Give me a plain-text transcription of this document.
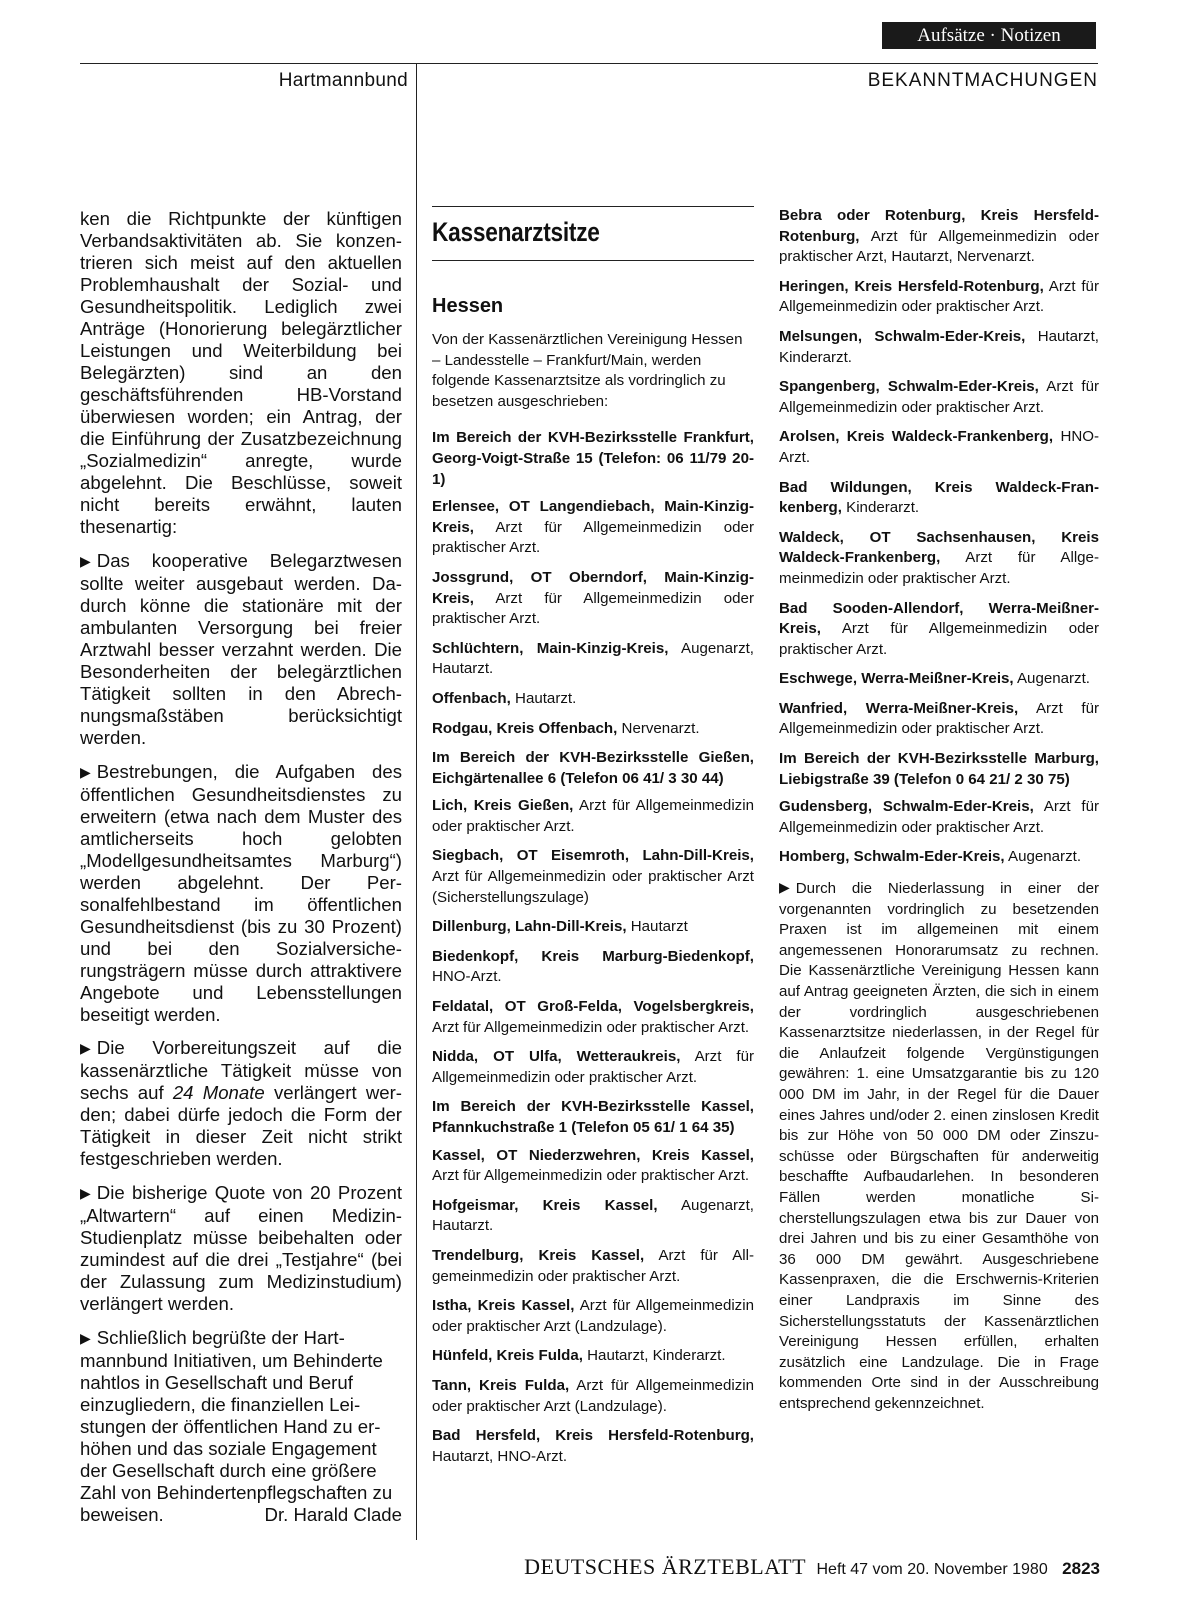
Aufsätze · Notizen
Hartmannbund	BEKANNTMACHUNGEN

ken die Richtpunkte der künftigen Verbandsaktivitäten ab. Sie konzentrieren sich meist auf den aktuellen Problemhaushalt der Sozial- und Gesundheitspolitik. Lediglich zwei Anträge (Honorierung belegärztlicher Leistungen und Weiterbildung bei Belegärzten) sind an den geschäftsführenden HB-Vorstand überwiesen worden; ein Antrag, der die Einführung der Zusatzbezeichnung „Sozialmedizin“ anregte, wurde abgelehnt. Die Beschlüsse, soweit nicht bereits erwähnt, lauten thesenartig:

▶ Das kooperative Belegarztwesen sollte weiter ausgebaut werden. Dadurch könne die stationäre mit der ambulanten Versorgung bei freier Arztwahl besser verzahnt werden. Die Besonderheiten der belegärztlichen Tätigkeit sollten in den Abrechnungsmaßstäben berücksichtigt werden.

▶ Bestrebungen, die Aufgaben des öffentlichen Gesundheitsdienstes zu erweitern (etwa nach dem Muster des amtlicherseits hoch gelobten „Modellgesundheitsamtes Marburg“) werden abgelehnt. Der Personalfehlbestand im öffentlichen Gesundheitsdienst (bis zu 30 Prozent) und bei den Sozialversicherungsträgern müsse durch attraktivere Angebote und Lebensstellungen beseitigt werden.

▶ Die Vorbereitungszeit auf die kassenärztliche Tätigkeit müsse von sechs auf 24 Monate verlängert werden; dabei dürfe jedoch die Form der Tätigkeit in dieser Zeit nicht strikt festgeschrieben werden.

▶ Die bisherige Quote von 20 Prozent „Altwartern“ auf einen Medizin-Studienplatz müsse beibehalten oder zumindest auf die drei „Testjahre“ (bei der Zulassung zum Medizinstudium) verlängert werden.

▶ Schließlich begrüßte der Hartmannbund Initiativen, um Behinderte nahtlos in Gesellschaft und Beruf einzugliedern, die finanziellen Leistungen der öffentlichen Hand zu erhöhen und das soziale Engagement der Gesellschaft durch eine größere Zahl von Behindertenpflegschaften zu beweisen.	Dr. Harald Clade

Kassenarztsitze
Hessen

Von der Kassenärztlichen Vereinigung Hessen – Landesstelle – Frankfurt/Main, werden folgende Kassenarztsitze als vordringlich zu besetzen ausgeschrieben:

Im Bereich der KVH-Bezirksstelle Frankfurt, Georg-Voigt-Straße 15 (Telefon: 06 11/79 20-1)

Erlensee, OT Langendiebach, Main-Kinzig-Kreis, Arzt für Allgemeinmedizin oder praktischer Arzt.

Jossgrund, OT Oberndorf, Main-Kinzig-Kreis, Arzt für Allgemeinmedizin oder praktischer Arzt.

Schlüchtern, Main-Kinzig-Kreis, Augenarzt, Hautarzt.

Offenbach, Hautarzt.

Rodgau, Kreis Offenbach, Nervenarzt.

Im Bereich der KVH-Bezirksstelle Gießen, Eichgärtenallee 6 (Telefon 06 41/ 3 30 44)

Lich, Kreis Gießen, Arzt für Allgemeinmedizin oder praktischer Arzt.

Siegbach, OT Eisemroth, Lahn-Dill-Kreis, Arzt für Allgemeinmedizin oder praktischer Arzt (Sicherstellungszulage)

Dillenburg, Lahn-Dill-Kreis, Hautarzt

Biedenkopf, Kreis Marburg-Biedenkopf, HNO-Arzt.

Feldatal, OT Groß-Felda, Vogelsbergkreis, Arzt für Allgemeinmedizin oder praktischer Arzt.

Nidda, OT Ulfa, Wetteraukreis, Arzt für Allgemeinmedizin oder praktischer Arzt.

Im Bereich der KVH-Bezirksstelle Kassel, Pfannkuchstraße 1 (Telefon 05 61/ 1 64 35)

Kassel, OT Niederzwehren, Kreis Kassel, Arzt für Allgemeinmedizin oder praktischer Arzt.

Hofgeismar, Kreis Kassel, Augenarzt, Hautarzt.

Trendelburg, Kreis Kassel, Arzt für Allgemeinmedizin oder praktischer Arzt.

Istha, Kreis Kassel, Arzt für Allgemeinmedizin oder praktischer Arzt (Landzulage).

Hünfeld, Kreis Fulda, Hautarzt, Kinderarzt.

Tann, Kreis Fulda, Arzt für Allgemeinmedizin oder praktischer Arzt (Landzulage).

Bad Hersfeld, Kreis Hersfeld-Rotenburg, Hautarzt, HNO-Arzt.

Bebra oder Rotenburg, Kreis Hersfeld-Rotenburg, Arzt für Allgemeinmedizin oder praktischer Arzt, Hautarzt, Nervenarzt.

Heringen, Kreis Hersfeld-Rotenburg, Arzt für Allgemeinmedizin oder praktischer Arzt.

Melsungen, Schwalm-Eder-Kreis, Hautarzt, Kinderarzt.

Spangenberg, Schwalm-Eder-Kreis, Arzt für Allgemeinmedizin oder praktischer Arzt.

Arolsen, Kreis Waldeck-Frankenberg, HNO-Arzt.

Bad Wildungen, Kreis Waldeck-Frankenberg, Kinderarzt.

Waldeck, OT Sachsenhausen, Kreis Waldeck-Frankenberg, Arzt für Allgemeinmedizin oder praktischer Arzt.

Bad Sooden-Allendorf, Werra-Meißner-Kreis, Arzt für Allgemeinmedizin oder praktischer Arzt.

Eschwege, Werra-Meißner-Kreis, Augenarzt.

Wanfried, Werra-Meißner-Kreis, Arzt für Allgemeinmedizin oder praktischer Arzt.

Im Bereich der KVH-Bezirksstelle Marburg, Liebigstraße 39 (Telefon 0 64 21/ 2 30 75)

Gudensberg, Schwalm-Eder-Kreis, Arzt für Allgemeinmedizin oder praktischer Arzt.

Homberg, Schwalm-Eder-Kreis, Augenarzt.

▶ Durch die Niederlassung in einer der vorgenannten vordringlich zu besetzenden Praxen ist im allgemeinen mit einem angemessenen Honorarumsatz zu rechnen. Die Kassenärztliche Vereinigung Hessen kann auf Antrag geeigneten Ärzten, die sich in einem der vordringlich ausgeschriebenen Kassenarztsitze niederlassen, in der Regel für die Anlaufzeit folgende Vergünstigungen gewähren: 1. eine Umsatzgarantie bis zu 120 000 DM im Jahr, in der Regel für die Dauer eines Jahres und/oder 2. einen zinslosen Kredit bis zur Höhe von 50 000 DM oder Zinszuschüsse oder Bürgschaften für anderweitig beschaffte Aufbaudarlehen. In besonderen Fällen werden monatliche Sicherstellungszulagen etwa bis zur Dauer von drei Jahren und bis zu einer Gesamthöhe von 36 000 DM gewährt. Ausgeschriebene Kassenpraxen, die die Erschwernis-Kriterien einer Landpraxis im Sinne des Sicherstellungsstatuts der Kassenärztlichen Vereinigung Hessen erfüllen, erhalten zusätzlich eine Landzulage. Die in Frage kommenden Orte sind in der Ausschreibung entsprechend gekennzeichnet.

DEUTSCHES ÄRZTEBLATT Heft 47 vom 20. November 1980 2823
